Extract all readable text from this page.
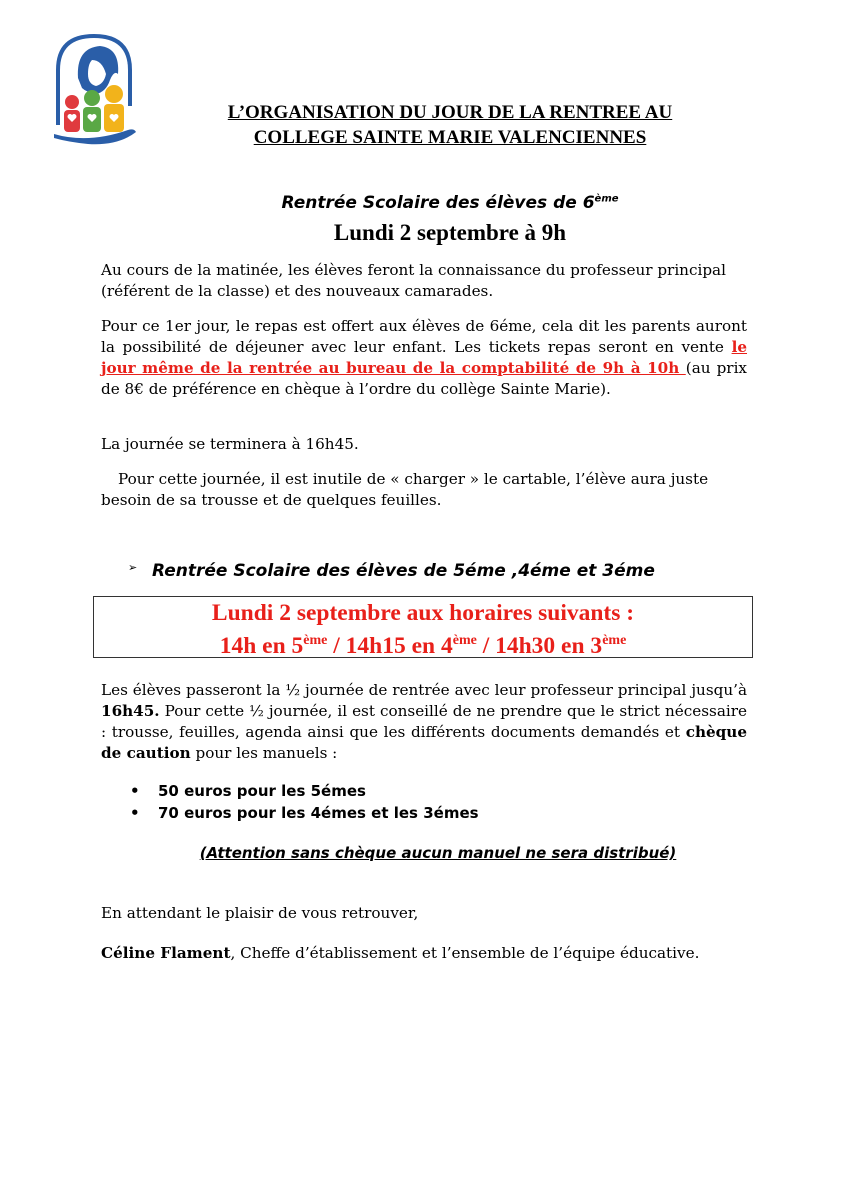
L’ORGANISATION DU JOUR DE LA RENTREE AU
COLLEGE SAINTE MARIE VALENCIENNES
Rentrée Scolaire des élèves de 6ème
Lundi 2 septembre à 9h
Au cours de la matinée, les élèves feront la connaissance du professeur principal (référent de la classe) et des nouveaux camarades.
Pour ce 1er jour, le repas est offert aux élèves de 6éme, cela dit les parents auront la possibilité de déjeuner avec leur enfant. Les tickets repas seront en vente le jour même de la rentrée au bureau de la comptabilité de 9h à 10h (au prix de 8€ de préférence en chèque à l’ordre du collège Sainte Marie).
La journée se terminera à 16h45.
Pour cette journée, il est inutile de « charger » le cartable, l’élève aura juste besoin de sa trousse et de quelques feuilles.
➢ Rentrée Scolaire des élèves de 5éme ,4éme et 3éme
Lundi 2 septembre aux horaires suivants :
14h en 5ème / 14h15 en 4ème / 14h30 en 3ème
Les élèves passeront la ½ journée de rentrée avec leur professeur principal jusqu’à 16h45. Pour cette ½ journée, il est conseillé de ne prendre que le strict nécessaire : trousse, feuilles, agenda ainsi que les différents documents demandés et chèque de caution pour les manuels :
• 50 euros pour les 5émes
• 70 euros pour les 4émes et les 3émes
(Attention sans chèque aucun manuel ne sera distribué)
En attendant le plaisir de vous retrouver,
Céline Flament, Cheffe d’établissement et l’ensemble de l’équipe éducative.
